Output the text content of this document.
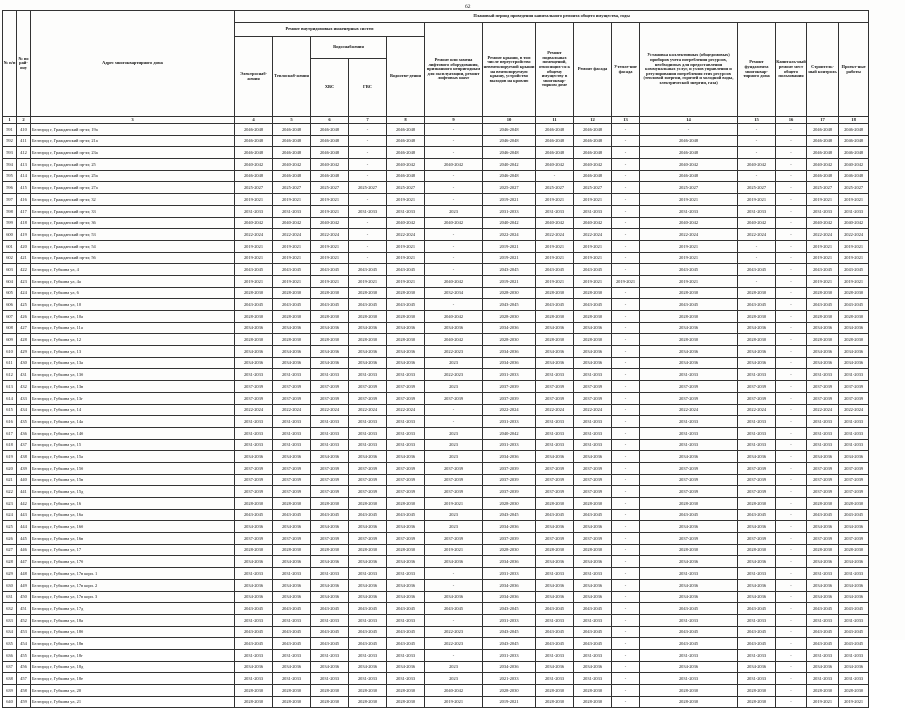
62
№ п/п	№ по рай-ону	Адрес многоквартирного дома	Плановый период проведения капитального ремонта общего имущества, годы														
			Ремонт внутридомовых инженерных систем					Ремонт или замена лифтового оборудования, признанного непригодным для эксплуатации, ремонт лифтовых шахт	Ремонт крыши, в том числе переустройство невентилируемой крыши на вентилируемую крышу, устройство выходов на кровлю	Ремонт подвальных помещений, относящих-ся к общему имуществу в многоквар-тирном доме	Ремонт фасада	Утепле-ние фасада	Установка коллективных (общедомовых) приборов учета потребления ресурсов, необходимых для предоставления коммунальных услуг, и узлов управления и регулирования потребления этих ресурсов (тепловой энергии, горячей и холодной воды, электрической энергии, газа)	Ремонт фундамента многоквар-тирного дома	Капиталь-ный ремонт мест общего пользования	Строитель-ный контроль	Проект-ные работы
			Электроснаб-жения	Теплоснаб-жения	Водоснабжения		Водоотве-дения										
					ХВС	ГВС											
1	2	3	4	5	6	7	8	9	10	11	12	13	14	15	16	17	18
591	410	Белгород г, Гражданский пр-кт, 19а	2046-2048	2046-2048	2046-2048	-	2046-2048	-	2046-2048	2046-2048	2046-2048	-	-	-	-	2046-2048	2046-2048
592	411	Белгород г, Гражданский пр-кт, 21а	2046-2048	2046-2048	2046-2048	-	2046-2048	-	2046-2048	2046-2048	2046-2048	-	2046-2048	-	-	2046-2048	2046-2048
593	412	Белгород г, Гражданский пр-кт, 23а	2046-2048	2046-2048	2046-2048	-	2046-2048	-	2046-2048	2046-2048	2046-2048	-	2046-2048	-	-	2046-2048	2046-2048
594	413	Белгород г, Гражданский пр-кт, 25	2040-2042	2040-2042	2040-2042	-	2040-2042	2040-2042	2040-2042	2040-2042	2040-2042	-	2040-2042	2040-2042	-	2040-2042	2040-2042
595	414	Белгород г, Гражданский пр-кт, 25а	2046-2048	2046-2048	2046-2048	-	2046-2048	-	2046-2048	-	2046-2048	-	2046-2048	-	-	2046-2048	2046-2048
596	415	Белгород г, Гражданский пр-кт, 27а	2025-2027	2025-2027	2025-2027	2025-2027	2025-2027	-	2025-2027	2025-2027	2025-2027	-	2025-2027	2025-2027	-	2025-2027	2025-2027
597	416	Белгород г, Гражданский пр-кт, 32	2019-2021	2019-2021	2019-2021	-	2019-2021	-	2019-2021	2019-2021	2019-2021	-	2019-2021	2019-2021	-	2019-2021	2019-2021
598	417	Белгород г, Гражданский пр-кт, 33	2031-2033	2031-2033	2019-2021	2031-2033	2031-2033	2023	2031-2033	2031-2033	2031-2033	-	2031-2033	2031-2033	-	2031-2033	2031-2033
599	418	Белгород г, Гражданский пр-кт, 36	2040-2042	2040-2042	2040-2042	-	2040-2042	2040-2042	2040-2042	2040-2042	2040-2042	-	2040-2042	2040-2042	-	2040-2042	2040-2042
600	419	Белгород г, Гражданский пр-кт, 53	2022-2024	2022-2024	2022-2024	-	2022-2024	-	2022-2024	2022-2024	2022-2024	-	2022-2024	2022-2024	-	2022-2024	2022-2024
601	420	Белгород г, Гражданский пр-кт, 54	2019-2021	2019-2021	2019-2021	-	2019-2021	-	2019-2021	2019-2021	2019-2021	-	2019-2021	-	-	2019-2021	2019-2021
602	421	Белгород г, Гражданский пр-кт, 56	2019-2021	2019-2021	2019-2021	-	2019-2021	-	2019-2021	2019-2021	2019-2021	-	2019-2021	-	-	2019-2021	2019-2021
603	422	Белгород г, Губкина ул, 4	2043-2045	2043-2045	2043-2045	2043-2045	2043-2045	-	2043-2045	2043-2045	2043-2045	-	2043-2045	2043-2045	-	2043-2045	2043-2045
604	423	Белгород г, Губкина ул, 4а	2019-2021	2019-2021	2019-2021	2019-2021	2019-2021	2040-2042	2019-2021	2019-2021	2019-2021	2019-2021	2019-2021	-	-	2019-2021	2019-2021
605	424	Белгород г, Губкина ул, 6	2028-2030	2028-2030	2028-2030	2028-2030	2028-2030	2032-2034	2028-2030	2028-2030	2028-2030	-	2028-2030	2028-2030	-	2028-2030	2028-2030
606	425	Белгород г, Губкина ул, 10	2043-2045	2043-2045	2043-2045	2043-2045	2043-2045	-	2043-2045	2043-2045	2043-2045	-	2043-2045	2043-2045	-	2043-2045	2043-2045
607	426	Белгород г, Губкина ул, 10а	2028-2030	2028-2030	2028-2030	2028-2030	2028-2030	2040-2042	2028-2030	2028-2030	2028-2030	-	2028-2030	2028-2030	-	2028-2030	2028-2030
608	427	Белгород г, Губкина ул, 11а	2034-2036	2034-2036	2034-2036	2034-2036	2034-2036	2034-2036	2034-2036	2034-2036	2034-2036	-	2034-2036	2034-2036	-	2034-2036	2034-2036
609	428	Белгород г, Губкина ул, 12	2028-2030	2028-2030	2028-2030	2028-2030	2028-2030	2040-2042	2028-2030	2028-2030	2028-2030	-	2028-2030	2028-2030	-	2028-2030	2028-2030
610	429	Белгород г, Губкина ул, 13	2034-2036	2034-2036	2034-2036	2034-2036	2034-2036	2022-2023	2034-2036	2034-2036	2034-2036	-	2034-2036	2034-2036	-	2034-2036	2034-2036
611	430	Белгород г, Губкина ул, 13а	2034-2036	2034-2036	2034-2036	2034-2036	2034-2036	2023	2034-2036	2034-2036	2034-2036	-	2034-2036	2034-2036	-	2034-2036	2034-2036
612	431	Белгород г, Губкина ул, 13б	2031-2033	2031-2033	2031-2033	2031-2033	2031-2033	2022-2023	2031-2033	2031-2033	2031-2033	-	2031-2033	2031-2033	-	2031-2033	2031-2033
613	432	Белгород г, Губкина ул, 13в	2037-2039	2037-2039	2037-2039	2037-2039	2037-2039	2023	2037-2039	2037-2039	2037-2039	-	2037-2039	2037-2039	-	2037-2039	2037-2039
614	433	Белгород г, Губкина ул, 13г	2037-2039	2037-2039	2037-2039	2037-2039	2037-2039	2037-2039	2037-2039	2037-2039	2037-2039	-	2037-2039	2037-2039	-	2037-2039	2037-2039
615	434	Белгород г, Губкина ул, 14	2022-2024	2022-2024	2022-2024	2022-2024	2022-2024	-	2022-2024	2022-2024	2022-2024	-	2022-2024	2022-2024	-	2022-2024	2022-2024
616	435	Белгород г, Губкина ул, 14а	2031-2033	2031-2033	2031-2033	2031-2033	2031-2033	-	2031-2033	2031-2033	2031-2033	-	2031-2033	2031-2033	-	2031-2033	2031-2033
617	436	Белгород г, Губкина ул, 14б	2031-2033	2031-2033	2031-2033	2031-2033	2031-2033	2023	2040-2042	2031-2033	2031-2033	-	2031-2033	2031-2033	-	2031-2033	2031-2033
618	437	Белгород г, Губкина ул, 15	2031-2033	2031-2033	2031-2033	2031-2033	2031-2033	2023	2031-2033	2031-2033	2031-2033	-	2031-2033	2031-2033	-	2031-2033	2031-2033
619	438	Белгород г, Губкина ул, 15а	2034-2036	2034-2036	2034-2036	2034-2036	2034-2036	2023	2034-2036	2034-2036	2034-2036	-	2034-2036	2034-2036	-	2034-2036	2034-2036
620	439	Белгород г, Губкина ул, 15б	2037-2039	2037-2039	2037-2039	2037-2039	2037-2039	2037-2039	2037-2039	2037-2039	2037-2039	-	2037-2039	2037-2039	-	2037-2039	2037-2039
621	440	Белгород г, Губкина ул, 15в	2037-2039	2037-2039	2037-2039	2037-2039	2037-2039	2037-2039	2037-2039	2037-2039	2037-2039	-	2037-2039	2037-2039	-	2037-2039	2037-2039
622	441	Белгород г, Губкина ул, 15д	2037-2039	2037-2039	2037-2039	2037-2039	2037-2039	2037-2039	2037-2039	2037-2039	2037-2039	-	2037-2039	2037-2039	-	2037-2039	2037-2039
623	442	Белгород г, Губкина ул, 16	2028-2030	2028-2030	2028-2030	2028-2030	2028-2030	2019-2021	2028-2030	2028-2030	2028-2030	-	2028-2030	2028-2030	-	2028-2030	2028-2030
624	443	Белгород г, Губкина ул, 16а	2043-2045	2043-2045	2043-2045	2043-2045	2043-2045	2023	2043-2045	2043-2045	2043-2045	-	2043-2045	2043-2045	-	2043-2045	2043-2045
625	444	Белгород г, Губкина ул, 16б	2034-2036	2034-2036	2034-2036	2034-2036	2034-2036	2023	2034-2036	2034-2036	2034-2036	-	2034-2036	2034-2036	-	2034-2036	2034-2036
626	445	Белгород г, Губкина ул, 16в	2037-2039	2037-2039	2037-2039	2037-2039	2037-2039	2037-2039	2037-2039	2037-2039	2037-2039	-	2037-2039	2037-2039	-	2037-2039	2037-2039
627	446	Белгород г, Губкина ул, 17	2028-2030	2028-2030	2028-2030	2028-2030	2028-2030	2019-2021	2028-2030	2028-2030	2028-2030	-	2028-2030	2028-2030	-	2028-2030	2028-2030
628	447	Белгород г, Губкина ул, 17б	2034-2036	2034-2036	2034-2036	2034-2036	2034-2036	2034-2036	2034-2036	2034-2036	2034-2036	-	2034-2036	2034-2036	-	2034-2036	2034-2036
629	448	Белгород г, Губкина ул, 17в корп. 1	2031-2033	2031-2033	2031-2033	2031-2033	2031-2033	-	2031-2033	2031-2033	2031-2033	-	2031-2033	2031-2033	-	2031-2033	2031-2033
630	449	Белгород г, Губкина ул, 17в корп. 2	2034-2036	2034-2036	2034-2036	2034-2036	2034-2036	-	2034-2036	2034-2036	2034-2036	-	2034-2036	2034-2036	-	2034-2036	2034-2036
631	450	Белгород г, Губкина ул, 17в корп. 3	2034-2036	2034-2036	2034-2036	2034-2036	2034-2036	2034-2036	2034-2036	2034-2036	2034-2036	-	2034-2036	2034-2036	-	2034-2036	2034-2036
632	451	Белгород г, Губкина ул, 17д	2043-2045	2043-2045	2043-2045	2043-2045	2043-2045	2043-2045	2043-2045	2043-2045	2043-2045	-	2043-2045	2043-2045	-	2043-2045	2043-2045
633	452	Белгород г, Губкина ул, 18а	2031-2033	2031-2033	2031-2033	2031-2033	2031-2033	-	2031-2033	2031-2033	2031-2033	-	2031-2033	2031-2033	-	2031-2033	2031-2033
634	453	Белгород г, Губкина ул, 18б	2043-2045	2043-2045	2043-2045	2043-2045	2043-2045	2022-2023	2043-2045	2043-2045	2043-2045	-	2043-2045	2043-2045	-	2043-2045	2043-2045
635	454	Белгород г, Губкина ул, 18в	2043-2045	2043-2045	2043-2045	2043-2045	2043-2045	2022-2023	2043-2045	2043-2045	2043-2045	-	2043-2045	2043-2045	-	2043-2045	2043-2045
636	455	Белгород г, Губкина ул, 18г	2031-2033	2031-2033	2031-2033	2031-2033	2031-2033	-	2031-2033	2031-2033	2031-2033	-	2031-2033	2031-2033	-	2031-2033	2031-2033
637	456	Белгород г, Губкина ул, 18д	2034-2036	2034-2036	2034-2036	2034-2036	2034-2036	2023	2034-2036	2034-2036	2034-2036	-	2034-2036	2034-2036	-	2034-2036	2034-2036
638	457	Белгород г, Губкина ул, 18е	2031-2033	2031-2033	2031-2033	2031-2033	2031-2033	2023	2021-2033	2031-2033	2031-2033	-	2031-2033	2031-2033	-	2031-2033	2031-2033
639	458	Белгород г, Губкина ул, 20	2028-2030	2028-2030	2028-2030	2028-2030	2028-2030	2040-2042	2028-2030	2028-2030	2028-2030	-	2028-2030	2028-2030	-	2028-2030	2028-2030
640	459	Белгород г, Губкина ул, 21	2028-2030	2028-2030	2028-2030	2028-2030	2028-2030	2019-2021	2019-2021	2028-2030	2028-2030	-	2028-2030	2028-2030	-	2019-2021	2019-2021
